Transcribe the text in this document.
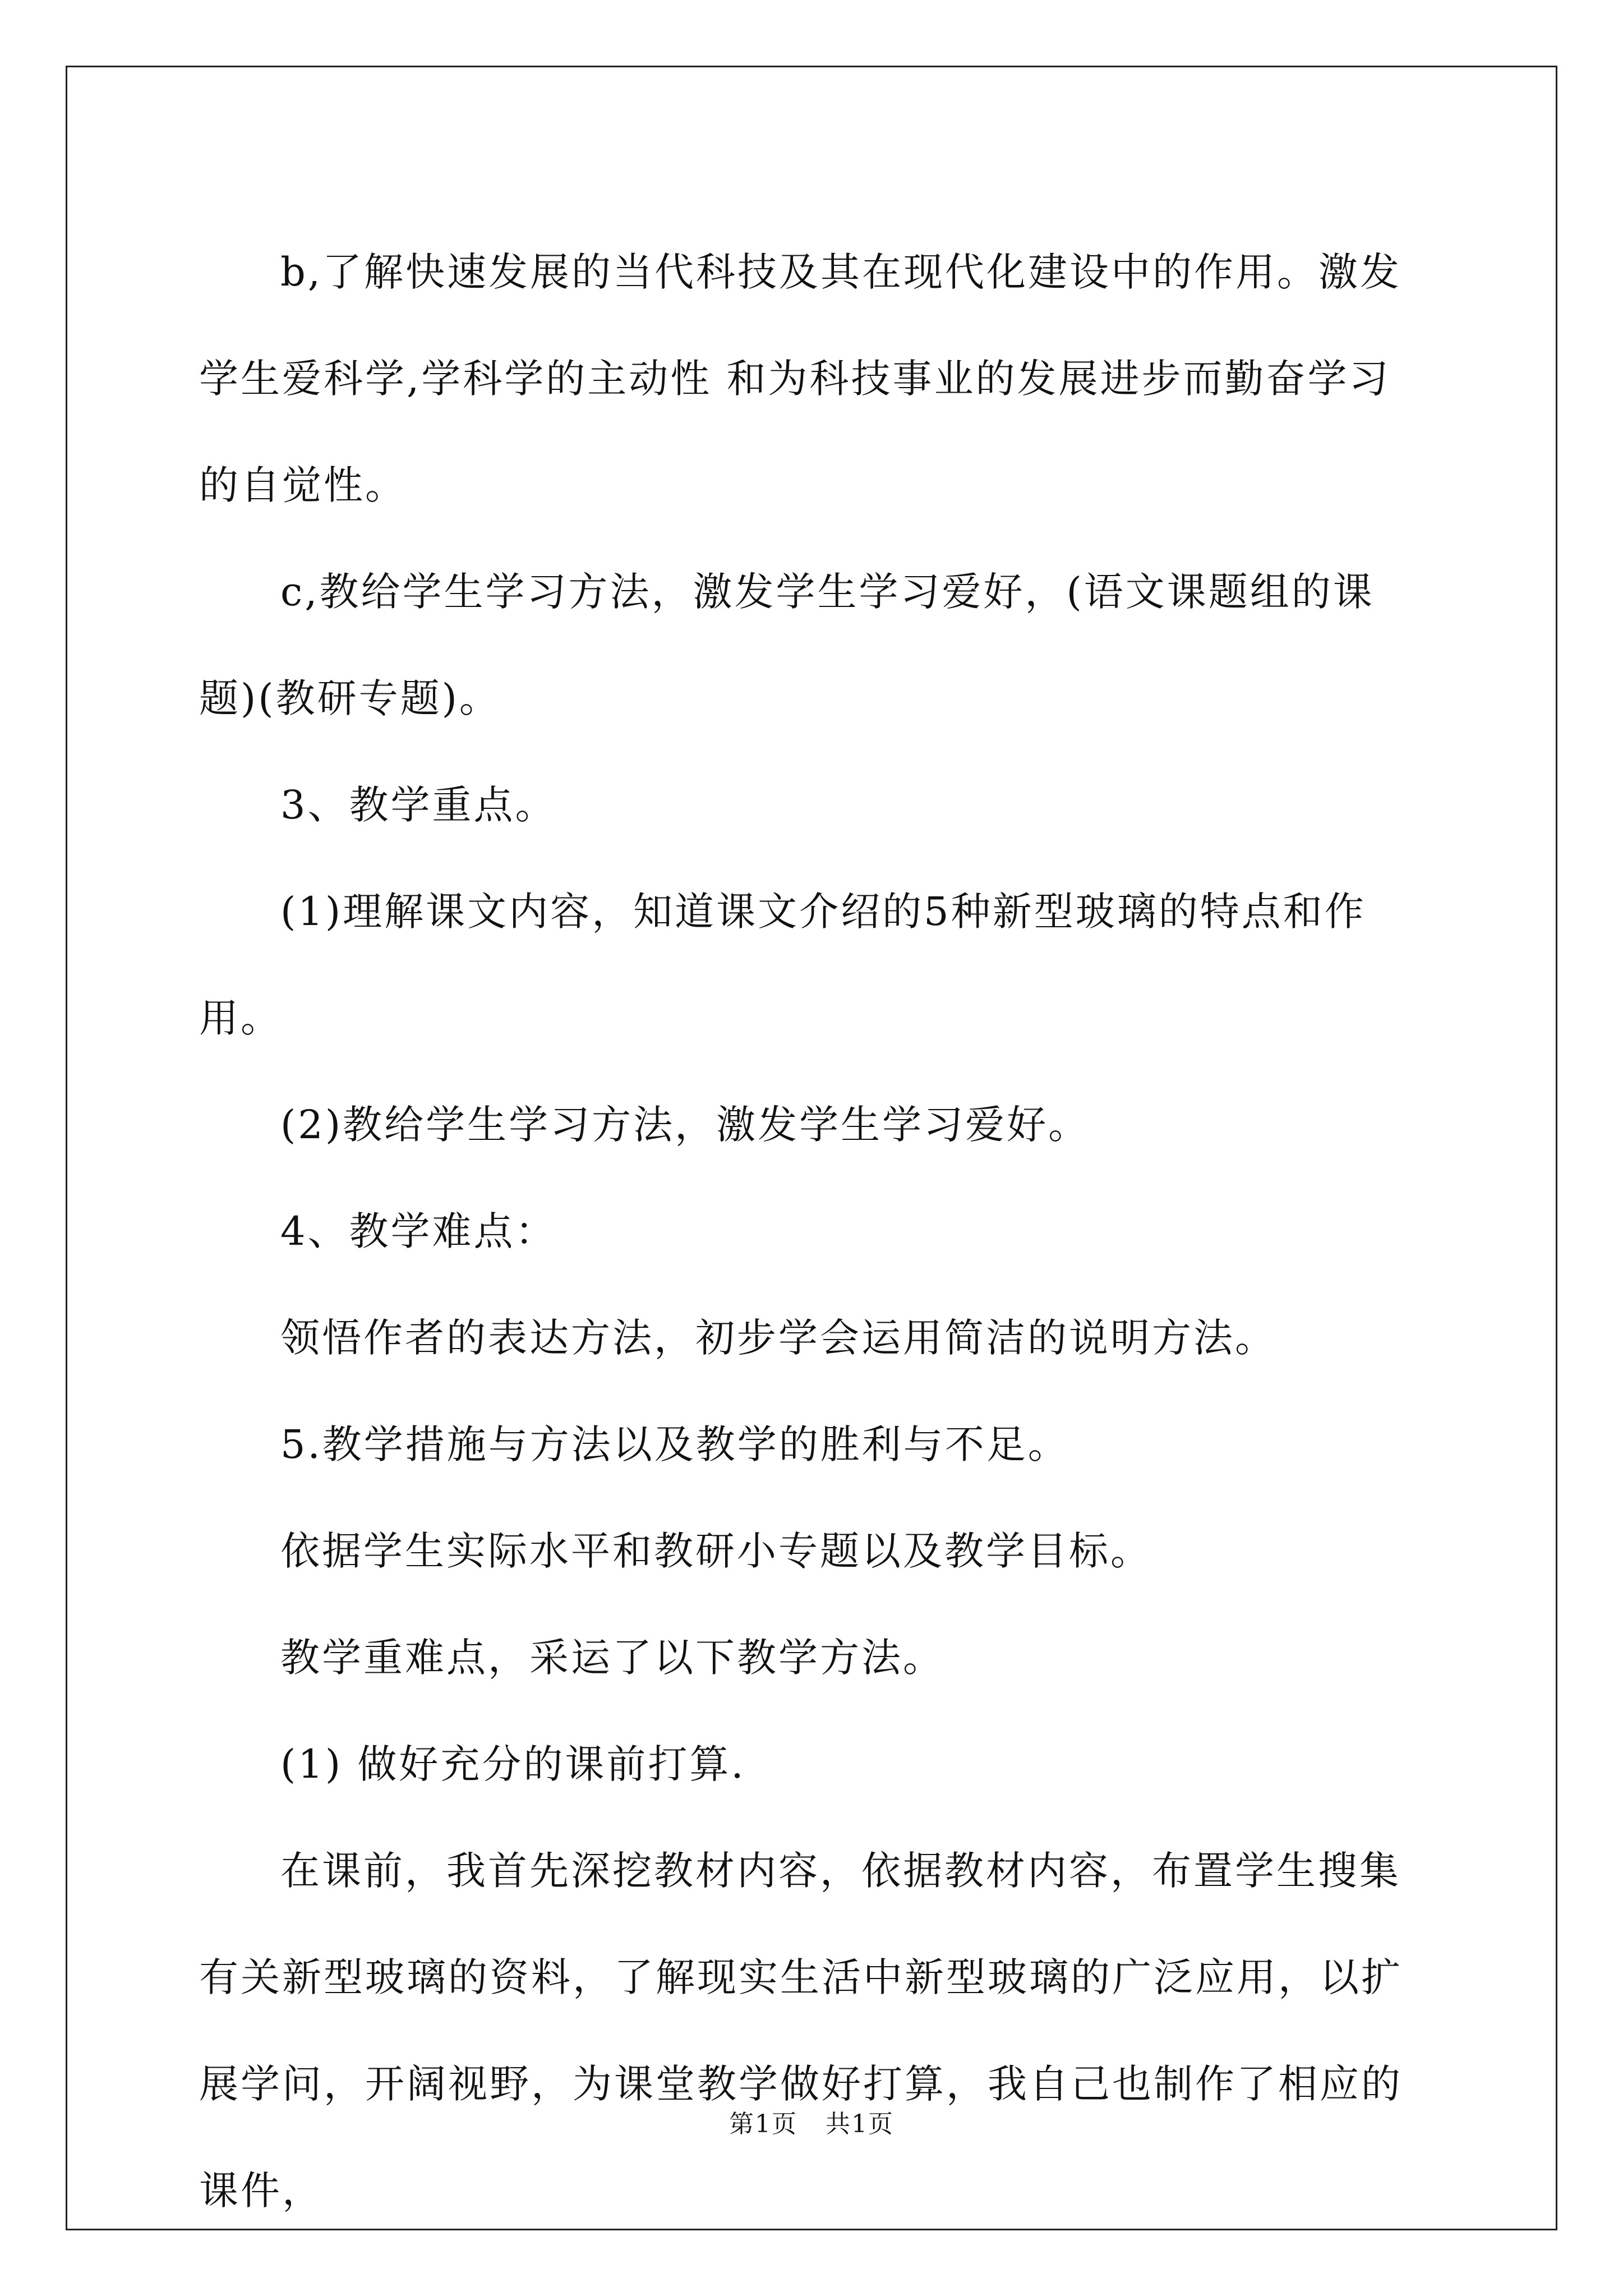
b,了解快速发展的当代科技及其在现代化建设中的作用。激发学生爱科学,学科学的主动性 和为科技事业的发展进步而勤奋学习的自觉性。

c,教给学生学习方法，激发学生学习爱好，(语文课题组的课题)(教研专题)。

3、教学重点。

(1)理解课文内容，知道课文介绍的5种新型玻璃的特点和作用。

(2)教给学生学习方法，激发学生学习爱好。

4、教学难点：

领悟作者的表达方法，初步学会运用简洁的说明方法。

5.教学措施与方法以及教学的胜利与不足。

依据学生实际水平和教研小专题以及教学目标。

教学重难点，采运了以下教学方法。

(1) 做好充分的课前打算.

在课前，我首先深挖教材内容，依据教材内容，布置学生搜集有关新型玻璃的资料，了解现实生活中新型玻璃的广泛应用，以扩展学问，开阔视野，为课堂教学做好打算，我自己也制作了相应的课件，

第1页 共1页
